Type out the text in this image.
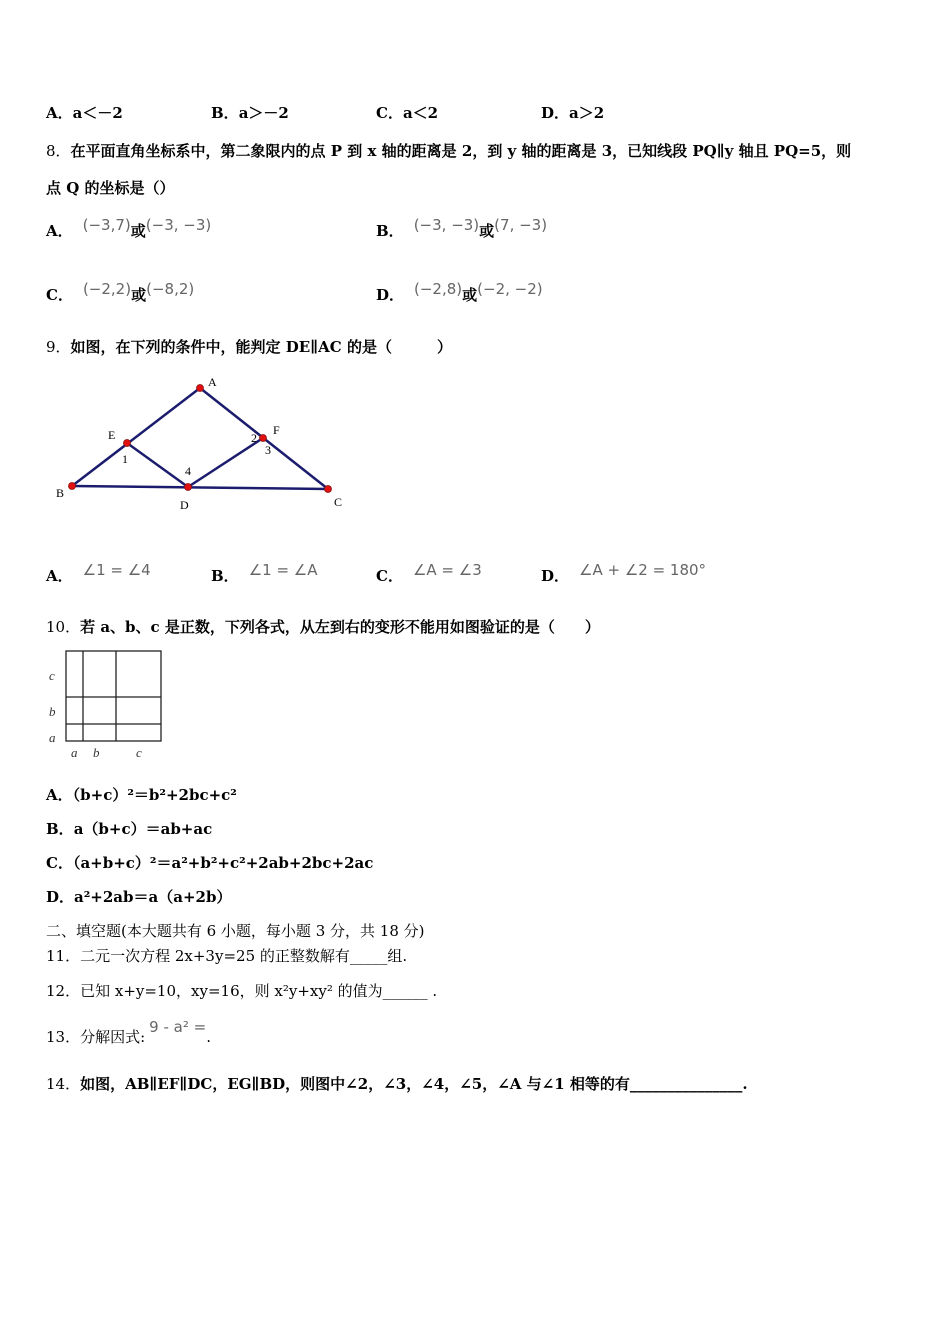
A．a＜－2	B．a＞－2	C．a＜2	D．a＞2
8．在平面直角坐标系中，第二象限内的点 P 到 x 轴的距离是 2，到 y 轴的距离是 3，已知线段 PQ∥y 轴且 PQ=5，则
点 Q 的坐标是（）
A． (−3,7)或(−3, −3)	B． (−3, −3)或(7, −3)
C． (−2,2)或(−8,2)	D． (−2,8)或(−2, −2)
9．如图，在下列的条件中，能判定 DE∥AC 的是（　　　）
A
B
C
D
E	F
1
2
3
4
A． ∠1 = ∠4	B． ∠1 = ∠A	C． ∠A = ∠3	D． ∠A + ∠2 = 180°
10．若 a、b、c 是正数，下列各式，从左到右的变形不能用如图验证的是（　　）
c
b
a
a b	c
A．（b+c）²＝b²+2bc+c²
B．a（b+c）＝ab+ac
C．（a+b+c）²＝a²+b²+c²+2ab+2bc+2ac
D．a²+2ab＝a（a+2b）
二、填空题(本大题共有 6 小题，每小题 3 分，共 18 分)
11．二元一次方程 2x+3y=25 的正整数解有_____组.
12．已知 x+y=10，xy=16，则 x²y+xy² 的值为______ .
13．分解因式:9 - a² =.
14．如图，AB∥EF∥DC，EG∥BD，则图中∠2，∠3，∠4，∠5，∠A 与∠1 相等的有_______________.
